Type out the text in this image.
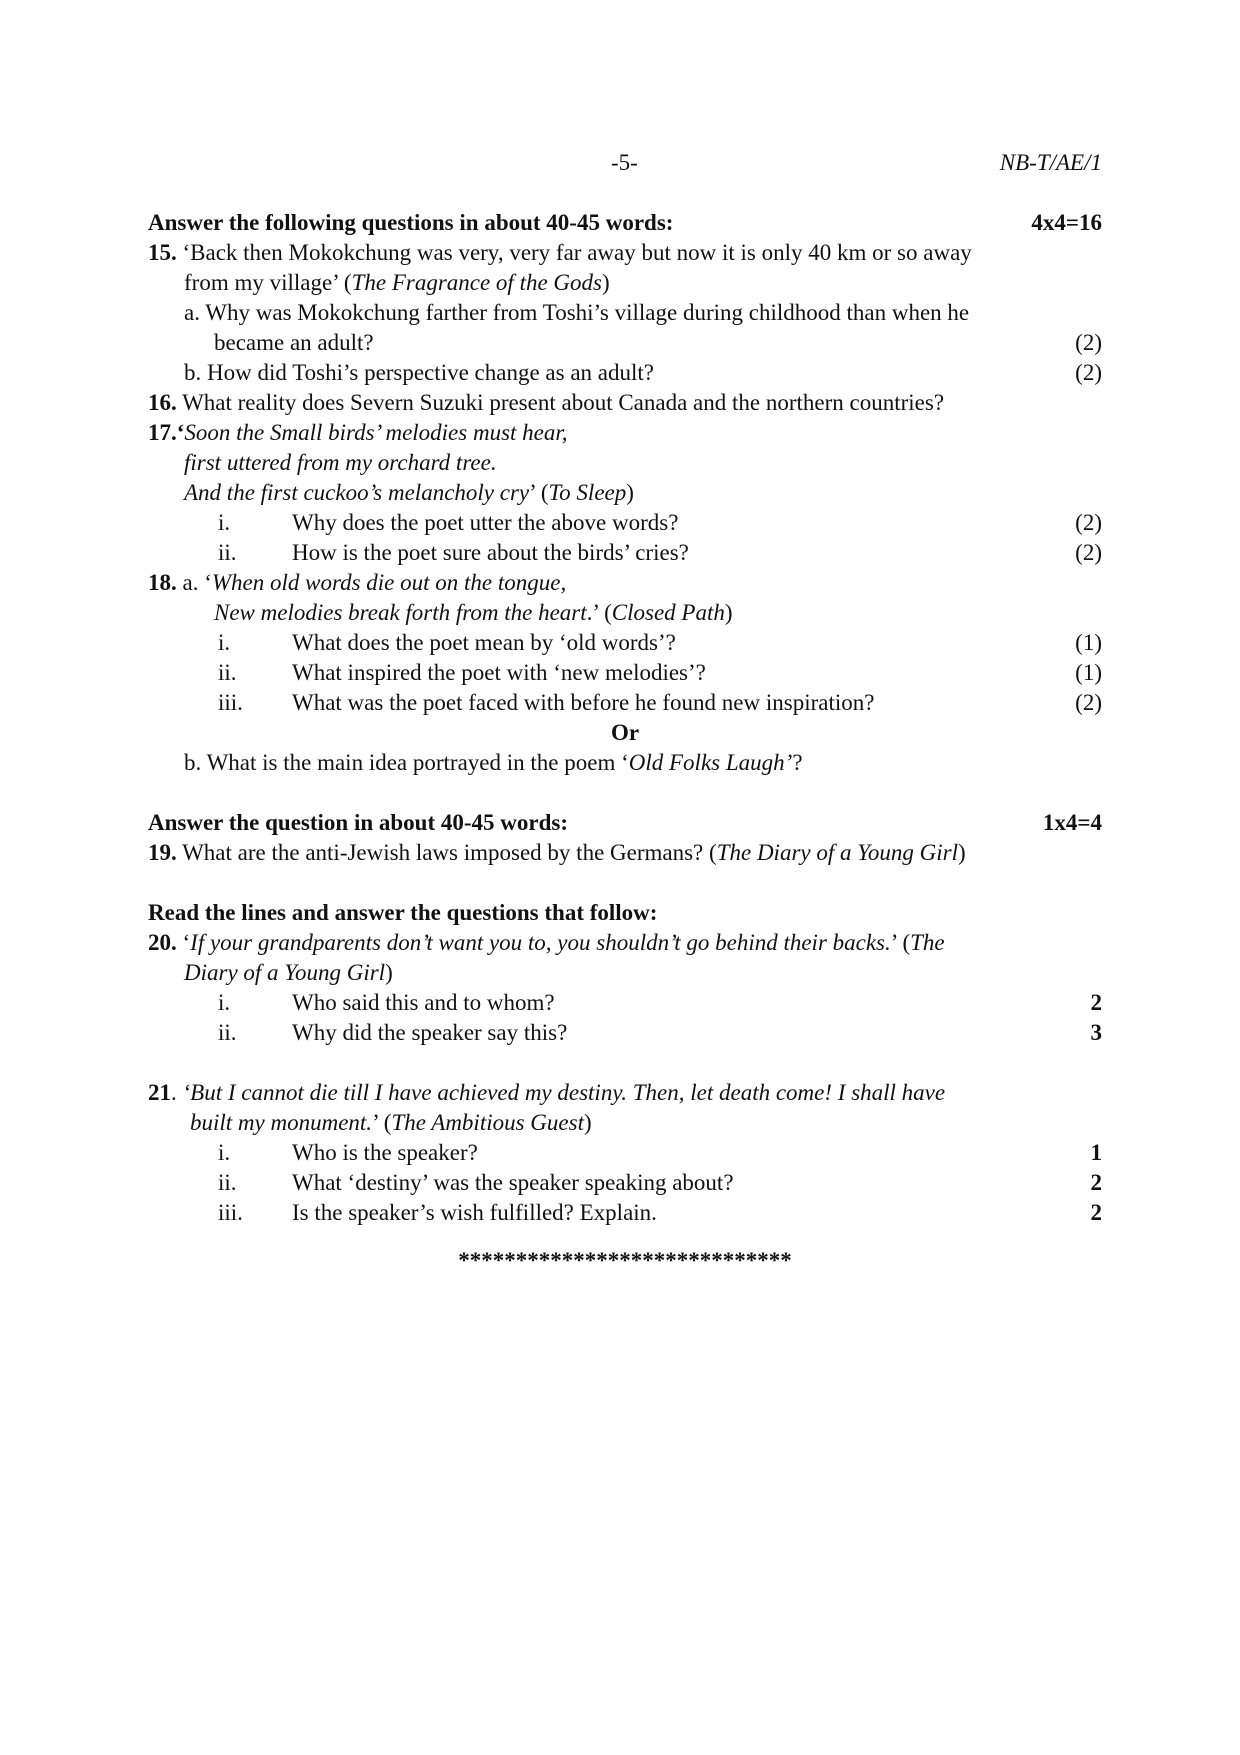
-5-	NB-T/AE/1
Answer the following questions in about 40-45 words:	4x4=16
15. ‘Back then Mokokchung was very, very far away but now it is only 40 km or so away
from my village’ (The Fragrance of the Gods)
a. Why was Mokokchung farther from Toshi’s village during childhood than when he
became an adult?	(2)
b. How did Toshi’s perspective change as an adult?	(2)
16. What reality does Severn Suzuki present about Canada and the northern countries?
17.‘Soon the Small birds’ melodies must hear,
first uttered from my orchard tree.
And the first cuckoo’s melancholy cry’ (To Sleep)
i.	Why does the poet utter the above words?	(2)
ii.	How is the poet sure about the birds’ cries?	(2)
18. a. ‘When old words die out on the tongue,
New melodies break forth from the heart.’ (Closed Path)
i.	What does the poet mean by ‘old words’?	(1)
ii.	What inspired the poet with ‘new melodies’?	(1)
iii.	What was the poet faced with before he found new inspiration?	(2)
Or
b. What is the main idea portrayed in the poem ‘Old Folks Laugh’?
Answer the question in about 40-45 words:	1x4=4
19. What are the anti-Jewish laws imposed by the Germans? (The Diary of a Young Girl)
Read the lines and answer the questions that follow:
20. ‘If your grandparents don’t want you to, you shouldn’t go behind their backs.’ (The
Diary of a Young Girl)
i.	Who said this and to whom?	2
ii.	Why did the speaker say this?	3
21. ‘But I cannot die till I have achieved my destiny. Then, let death come! I shall have
built my monument.’ (The Ambitious Guest)
i.	Who is the speaker?	1
ii.	What ‘destiny’ was the speaker speaking about?	2
iii.	Is the speaker’s wish fulfilled? Explain.	2
*****************************
